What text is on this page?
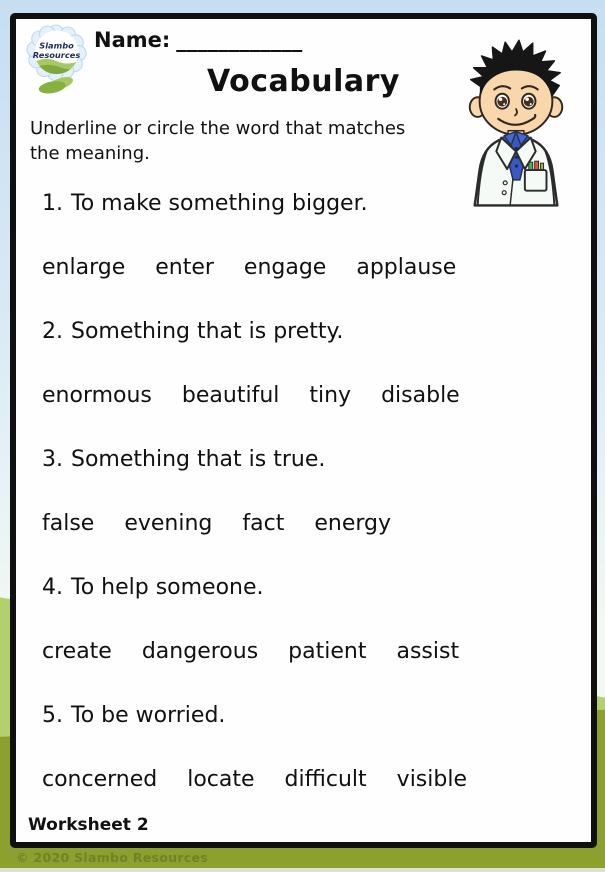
Slambo
Resources
Name: ____________
Vocabulary
Underline or circle the word that matches
the meaning.
1. To make something bigger.
enlarge enter engage applause
2. Something that is pretty.
enormous beautiful tiny disable
3. Something that is true.
false evening fact energy
4. To help someone.
create dangerous patient assist
5. To be worried.
concerned locate difficult visible
Worksheet 2
© 2020 Slambo Resources
